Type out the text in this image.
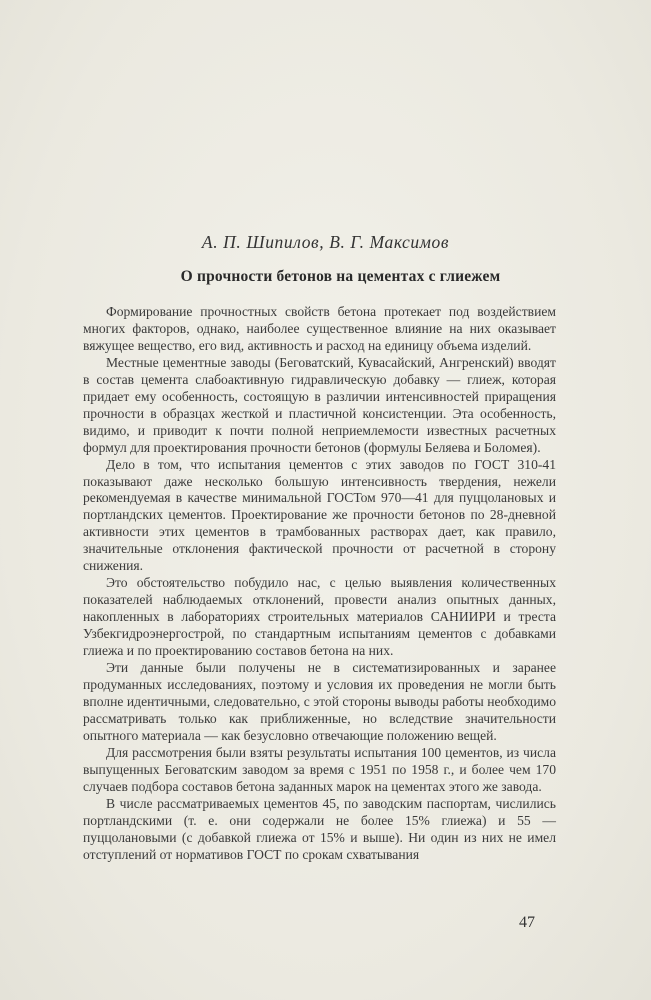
А. П. Шипилов, В. Г. Максимов
О прочности бетонов на цементах с глиежем

Формирование прочностных свойств бетона протекает под воздействием многих факторов, однако, наиболее существенное влияние на них оказывает вяжущее вещество, его вид, активность и расход на единицу объема изделий.

Местные цементные заводы (Беговатский, Кувасайский, Ангренский) вводят в состав цемента слабоактивную гидравлическую добавку — глиеж, которая придает ему особенность, состоящую в различии интенсивностей приращения прочности в образцах жесткой и пластичной консистенции. Эта особенность, видимо, и приводит к почти полной неприемлемости известных расчетных формул для проектирования прочности бетонов (формулы Беляева и Боломея).

Дело в том, что испытания цементов с этих заводов по ГОСТ 310-41 показывают даже несколько большую интенсивность твердения, нежели рекомендуемая в качестве минимальной ГОСТом 970—41 для пуццолановых и портландских цементов. Проектирование же прочности бетонов по 28-дневной активности этих цементов в трамбованных растворах дает, как правило, значительные отклонения фактической прочности от расчетной в сторону снижения.

Это обстоятельство побудило нас, с целью выявления количественных показателей наблюдаемых отклонений, провести анализ опытных данных, накопленных в лабораториях строительных материалов САНИИРИ и треста Узбекгидроэнергострой, по стандартным испытаниям цементов с добавками глиежа и по проектированию составов бетона на них.

Эти данные были получены не в систематизированных и заранее продуманных исследованиях, поэтому и условия их проведения не могли быть вполне идентичными, следовательно, с этой стороны выводы работы необходимо рассматривать только как приближенные, но вследствие значительности опытного материала — как безусловно отвечающие положению вещей.

Для рассмотрения были взяты результаты испытания 100 цементов, из числа выпущенных Беговатским заводом за время с 1951 по 1958 г., и более чем 170 случаев подбора составов бетона заданных марок на цементах этого же завода.

В числе рассматриваемых цементов 45, по заводским паспортам, числились портландскими (т. е. они содержали не более 15% глиежа) и 55 — пуццолановыми (с добавкой глиежа от 15% и выше). Ни один из них не имел отступлений от нормативов ГОСТ по срокам схватывания

47
